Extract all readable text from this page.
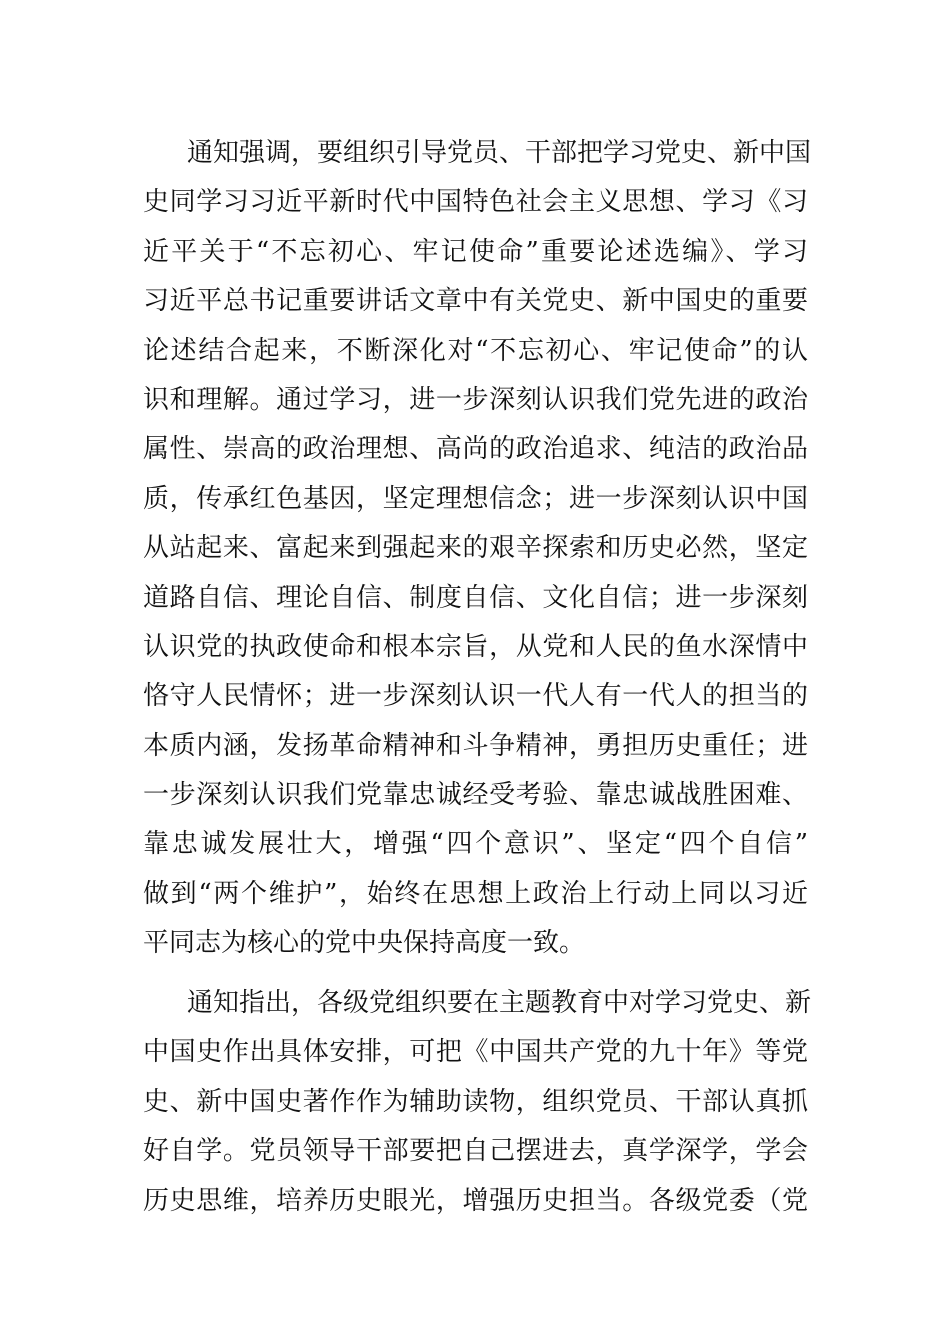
通知强调，要组织引导党员、干部把学习党史、新中国
史同学习习近平新时代中国特色社会主义思想、学习《习
近平关于“不忘初心、牢记使命”重要论述选编》、学习
习近平总书记重要讲话文章中有关党史、新中国史的重要
论述结合起来，不断深化对“不忘初心、牢记使命”的认
识和理解。通过学习，进一步深刻认识我们党先进的政治
属性、崇高的政治理想、高尚的政治追求、纯洁的政治品
质，传承红色基因，坚定理想信念；进一步深刻认识中国
从站起来、富起来到强起来的艰辛探索和历史必然，坚定
道路自信、理论自信、制度自信、文化自信；进一步深刻
认识党的执政使命和根本宗旨，从党和人民的鱼水深情中
恪守人民情怀；进一步深刻认识一代人有一代人的担当的
本质内涵，发扬革命精神和斗争精神，勇担历史重任；进
一步深刻认识我们党靠忠诚经受考验、靠忠诚战胜困难、
靠忠诚发展壮大，增强“四个意识”、坚定“四个自信”
做到“两个维护”，始终在思想上政治上行动上同以习近
平同志为核心的党中央保持高度一致。
通知指出，各级党组织要在主题教育中对学习党史、新
中国史作出具体安排，可把《中国共产党的九十年》等党
史、新中国史著作作为辅助读物，组织党员、干部认真抓
好自学。党员领导干部要把自己摆进去，真学深学，学会
历史思维，培养历史眼光，增强历史担当。各级党委（党
